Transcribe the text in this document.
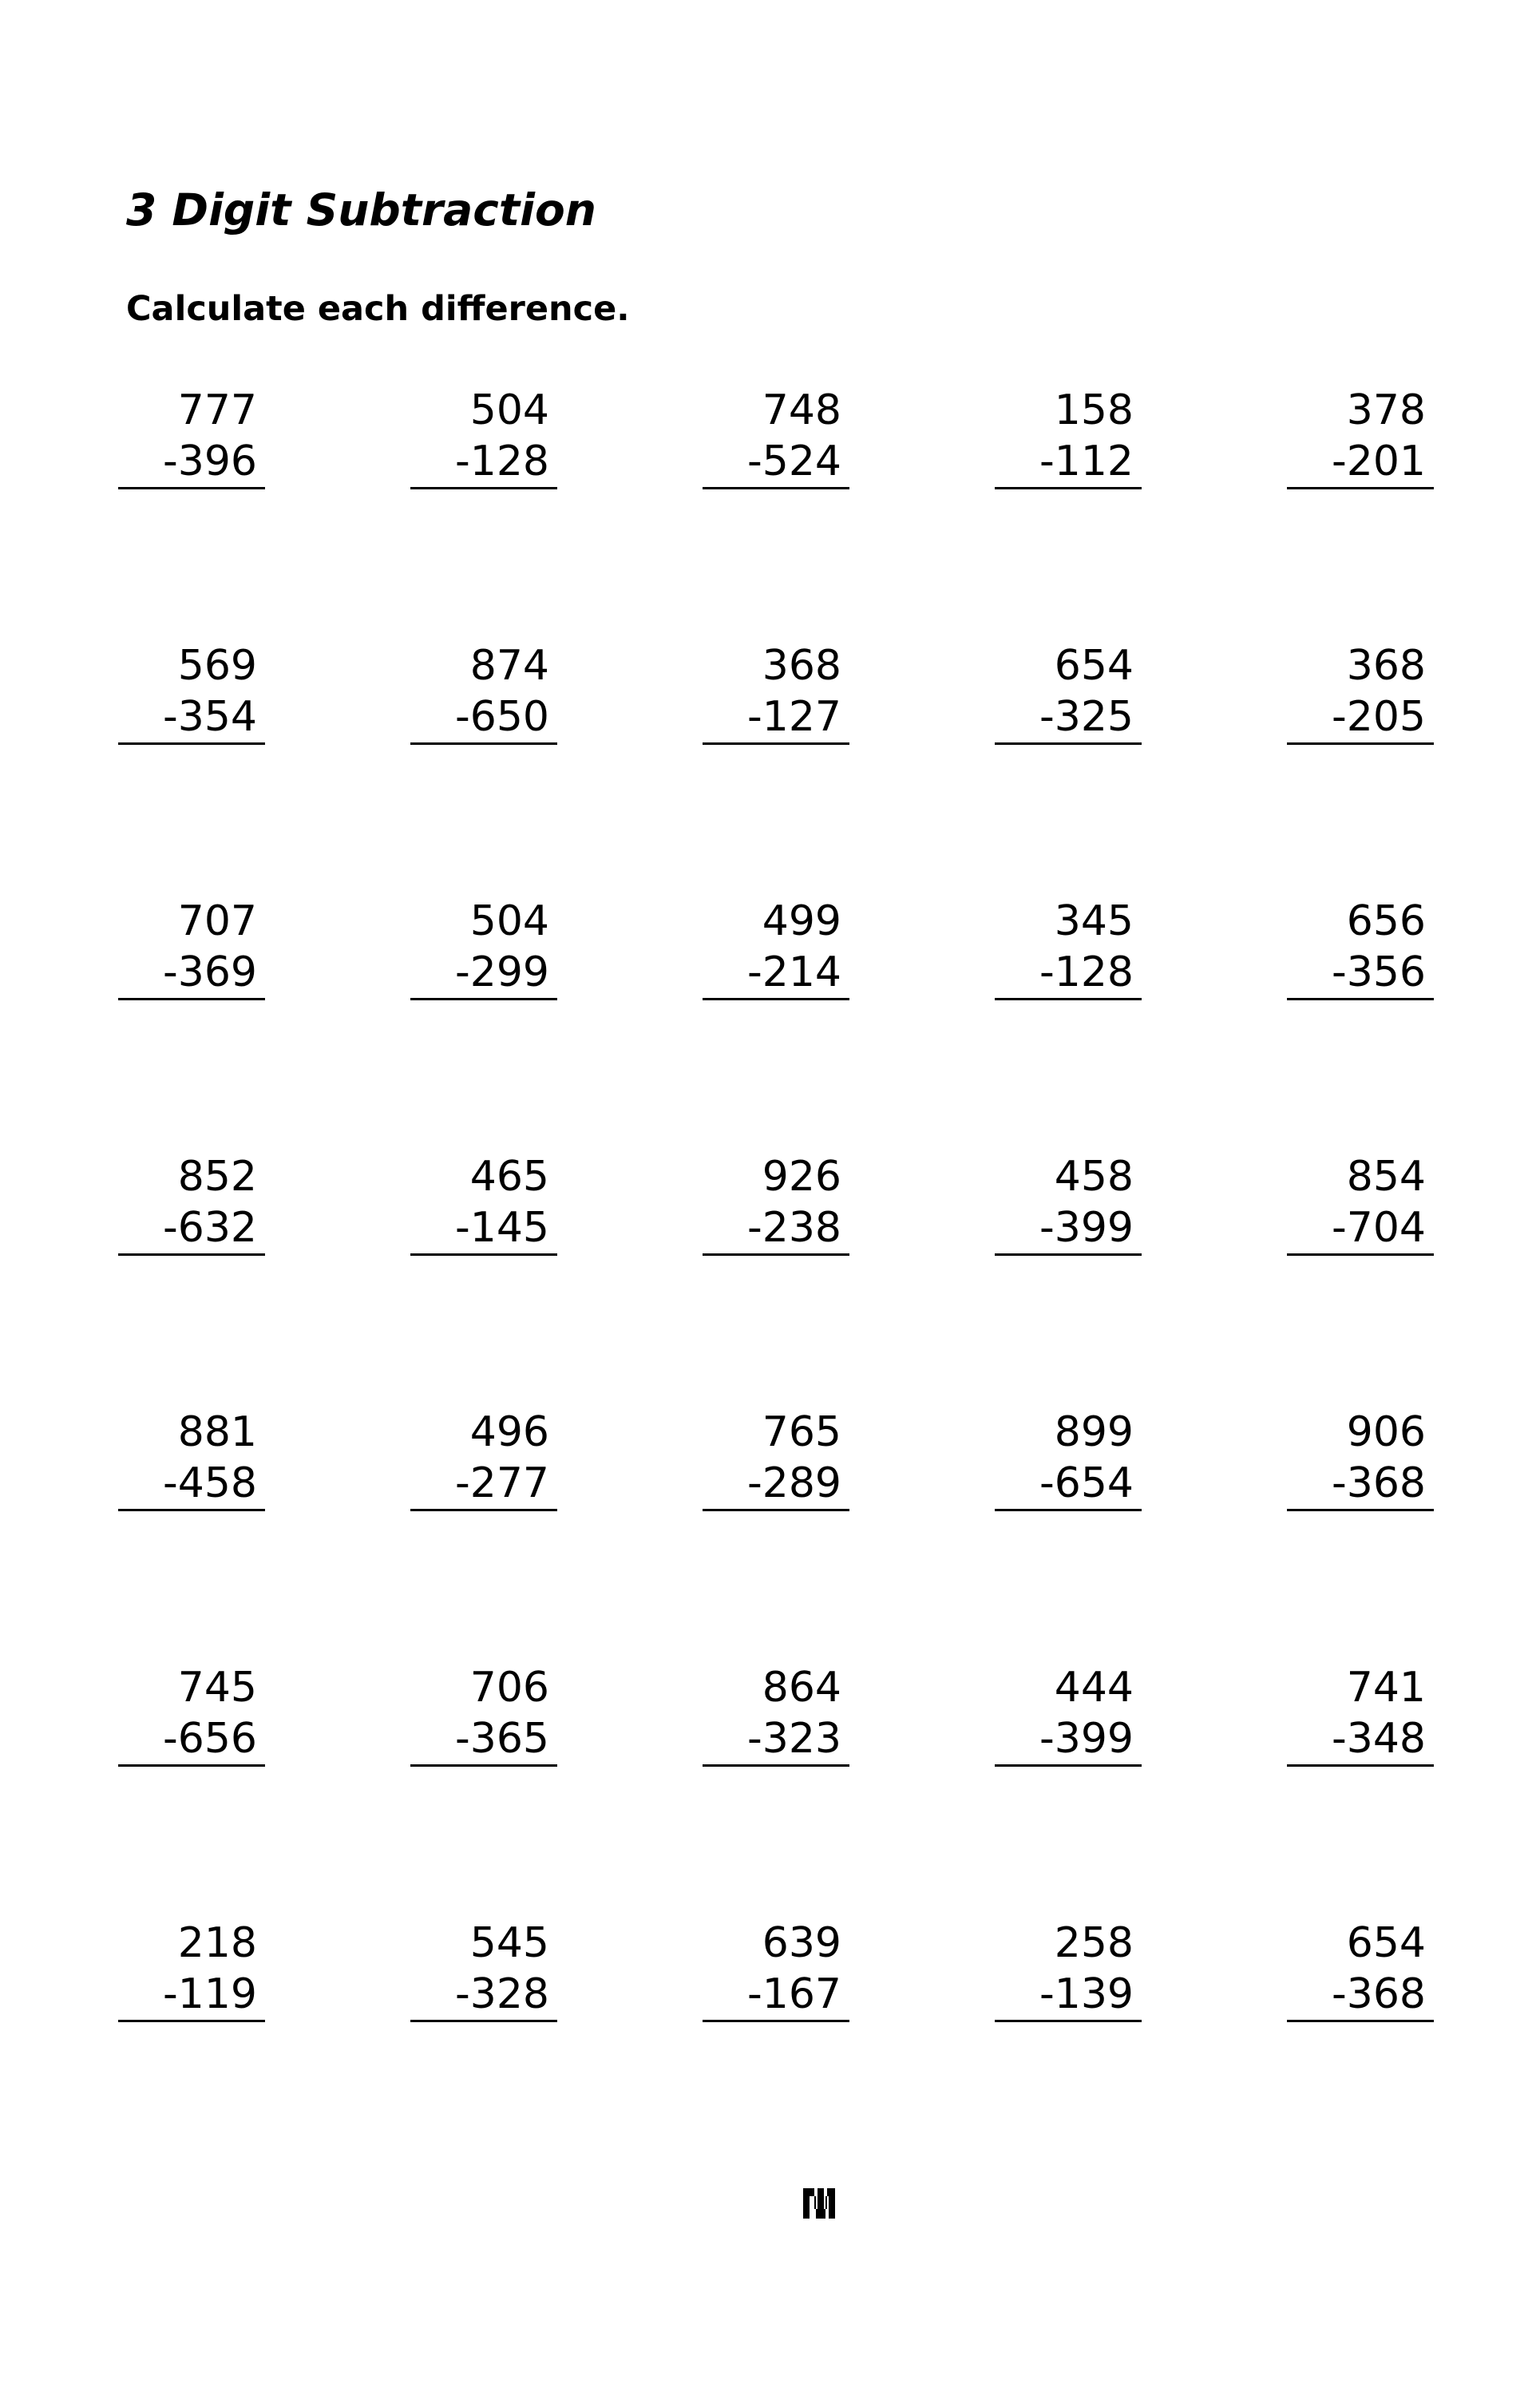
3 Digit Subtraction
Calculate each difference.
777
-396
504
-128
748
-524
158
-112
378
-201
569
-354
874
-650
368
-127
654
-325
368
-205
707
-369
504
-299
499
-214
345
-128
656
-356
852
-632
465
-145
926
-238
458
-399
854
-704
881
-458
496
-277
765
-289
899
-654
906
-368
745
-656
706
-365
864
-323
444
-399
741
-348
218
-119
545
-328
639
-167
258
-139
654
-368
